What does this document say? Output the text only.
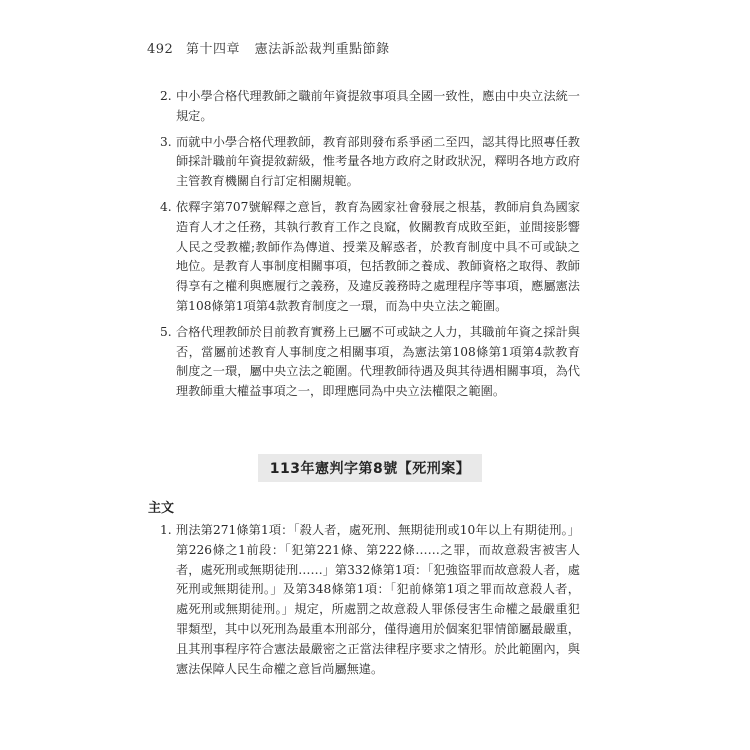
492 第十四章 憲法訴訟裁判重點節錄
2. 中小學合格代理教師之職前年資提敘事項具全國一致性，應由中央立法統一規定。
3. 而就中小學合格代理教師，教育部則發布系爭函二至四，認其得比照專任教師採計職前年資提敘薪級，惟考量各地方政府之財政狀況，釋明各地方政府主管教育機關自行訂定相關規範。
4. 依釋字第707號解釋之意旨，教育為國家社會發展之根基，教師肩負為國家造育人才之任務，其執行教育工作之良窳，攸關教育成敗至鉅，並間接影響人民之受教權;教師作為傳道、授業及解惑者，於教育制度中具不可或缺之地位。是教育人事制度相關事項，包括教師之養成、教師資格之取得、教師得享有之權利與應履行之義務，及違反義務時之處理程序等事項，應屬憲法第108條第1項第4款教育制度之一環，而為中央立法之範圍。
5. 合格代理教師於目前教育實務上已屬不可或缺之人力，其職前年資之採計與否，當屬前述教育人事制度之相關事項，為憲法第108條第1項第4款教育制度之一環，屬中央立法之範圍。代理教師待遇及與其待遇相關事項，為代理教師重大權益事項之一，即理應同為中央立法權限之範圍。
113年憲判字第8號【死刑案】
主文
1. 刑法第271條第1項：「殺人者，處死刑、無期徒刑或10年以上有期徒刑。」第226條之1前段：「犯第221條、第222條……之罪，而故意殺害被害人者，處死刑或無期徒刑……」第332條第1項：「犯強盜罪而故意殺人者，處死刑或無期徒刑。」及第348條第1項：「犯前條第1項之罪而故意殺人者，處死刑或無期徒刑。」規定，所處罰之故意殺人罪係侵害生命權之最嚴重犯罪類型，其中以死刑為最重本刑部分，僅得適用於個案犯罪情節屬最嚴重，且其刑事程序符合憲法最嚴密之正當法律程序要求之情形。於此範圍內，與憲法保障人民生命權之意旨尚屬無違。
